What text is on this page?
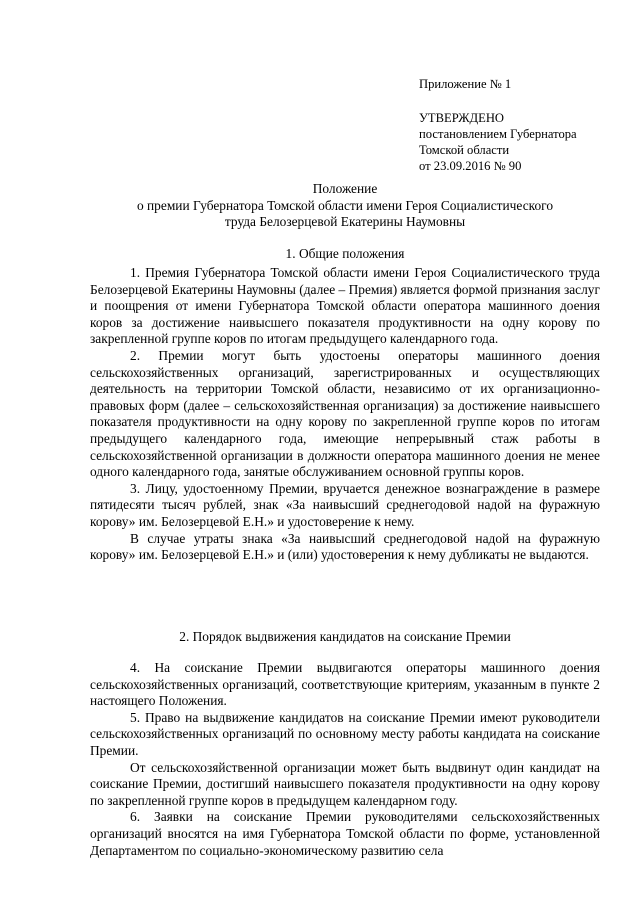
Приложение № 1
УТВЕРЖДЕНО
постановлением Губернатора
Томской области
от 23.09.2016 № 90
Положение
о премии Губернатора Томской области имени Героя Социалистического
труда Белозерцевой Екатерины Наумовны
1. Общие положения

1. Премия Губернатора Томской области имени Героя Социалистического труда Белозерцевой Екатерины Наумовны (далее – Премия) является формой признания заслуг и поощрения от имени Губернатора Томской области оператора машинного доения коров за достижение наивысшего показателя продуктивности на одну корову по закрепленной группе коров по итогам предыдущего календарного года.

2. Премии могут быть удостоены операторы машинного доения сельскохозяйственных организаций, зарегистрированных и осуществляющих деятельность на территории Томской области, независимо от их организационно-правовых форм (далее – сельскохозяйственная организация) за достижение наивысшего показателя продуктивности на одну корову по закрепленной группе коров по итогам предыдущего календарного года, имеющие непрерывный стаж работы в сельскохозяйственной организации в должности оператора машинного доения не менее одного календарного года, занятые обслуживанием основной группы коров.

3. Лицу, удостоенному Премии, вручается денежное вознаграждение в размере пятидесяти тысяч рублей, знак «За наивысший среднегодовой надой на фуражную корову» им. Белозерцевой Е.Н.» и удостоверение к нему.

В случае утраты знака «За наивысший среднегодовой надой на фуражную корову» им. Белозерцевой Е.Н.» и (или) удостоверения к нему дубликаты не выдаются.

2. Порядок выдвижения кандидатов на соискание Премии

4. На соискание Премии выдвигаются операторы машинного доения сельскохозяйственных организаций, соответствующие критериям, указанным в пункте 2 настоящего Положения.

5. Право на выдвижение кандидатов на соискание Премии имеют руководители сельскохозяйственных организаций по основному месту работы кандидата на соискание Премии.

От сельскохозяйственной организации может быть выдвинут один кандидат на соискание Премии, достигший наивысшего показателя продуктивности на одну корову по закрепленной группе коров в предыдущем календарном году.

6. Заявки на соискание Премии руководителями сельскохозяйственных организаций вносятся на имя Губернатора Томской области по форме, установленной Департаментом по социально-экономическому развитию села
